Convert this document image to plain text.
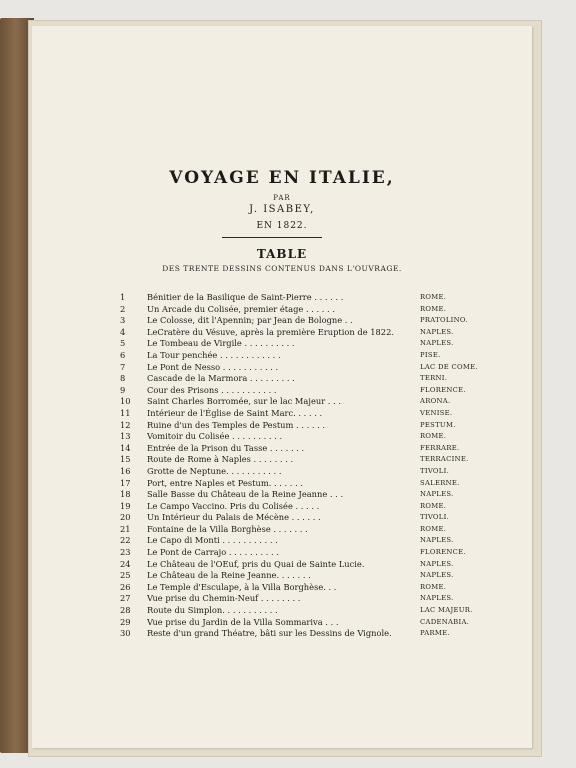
VOYAGE EN ITALIE,
PAR
J. ISABEY,
EN 1822.
TABLE
DES TRENTE DESSINS CONTENUS DANS L'OUVRAGE.
1	Bénitier de la Basilique de Saint-Pierre . . . . . .	ROME.
2	Un Arcade du Colisée, premier étage . . . . . .	ROME.
3	Le Colosse, dit l'Apennin; par Jean de Bologne . .	PRATOLINO.
4	LeCratère du Vésuve, après la première Eruption de 1822.	NAPLES.
5	Le Tombeau de Virgile . . . . . . . . . .	NAPLES.
6	La Tour penchée . . . . . . . . . . . .	PISE.
7	Le Pont de Nesso . . . . . . . . . . .	LAC DE COME.
8	Cascade de la Marmora . . . . . . . . .	TERNI.
9	Cour des Prisons . . . . . . . . . . .	FLORENCE.
10	Saint Charles Borromée, sur le lac Majeur . . .	ARONA.
11	Intérieur de l'Église de Saint Marc. . . . . .	VENISE.
12	Ruine d'un des Temples de Pestum . . . . . .	PESTUM.
13	Vomitoir du Colisée . . . . . . . . . .	ROME.
14	Entrée de la Prison du Tasse . . . . . . .	FERRARE.
15	Route de Rome à Naples . . . . . . . .	TERRACINE.
16	Grotte de Neptune. . . . . . . . . . .	TIVOLI.
17	Port, entre Naples et Pestum. . . . . . .	SALERNE.
18	Salle Basse du Château de la Reine Jeanne . . .	NAPLES.
19	Le Campo Vaccino. Pris du Colisée . . . . .	ROME.
20	Un Intérieur du Palais de Mécène . . . . . .	TIVOLI.
21	Fontaine de la Villa Borghèse . . . . . . .	ROME.
22	Le Capo di Monti . . . . . . . . . . .	NAPLES.
23	Le Pont de Carrajo . . . . . . . . . .	FLORENCE.
24	Le Château de l'OEuf, pris du Quai de Sainte Lucie.	NAPLES.
25	Le Château de la Reine Jeanne. . . . . . .	NAPLES.
26	Le Temple d'Esculape, à la Villa Borghèse. . .	ROME.
27	Vue prise du Chemin-Neuf . . . . . . . .	NAPLES.
28	Route du Simplon. . . . . . . . . . .	LAC MAJEUR.
29	Vue prise du Jardin de la Villa Sommariva . . .	CADENABIA.
30	Reste d'un grand Théatre, bâti sur les Dessins de Vignole.	PARME.
